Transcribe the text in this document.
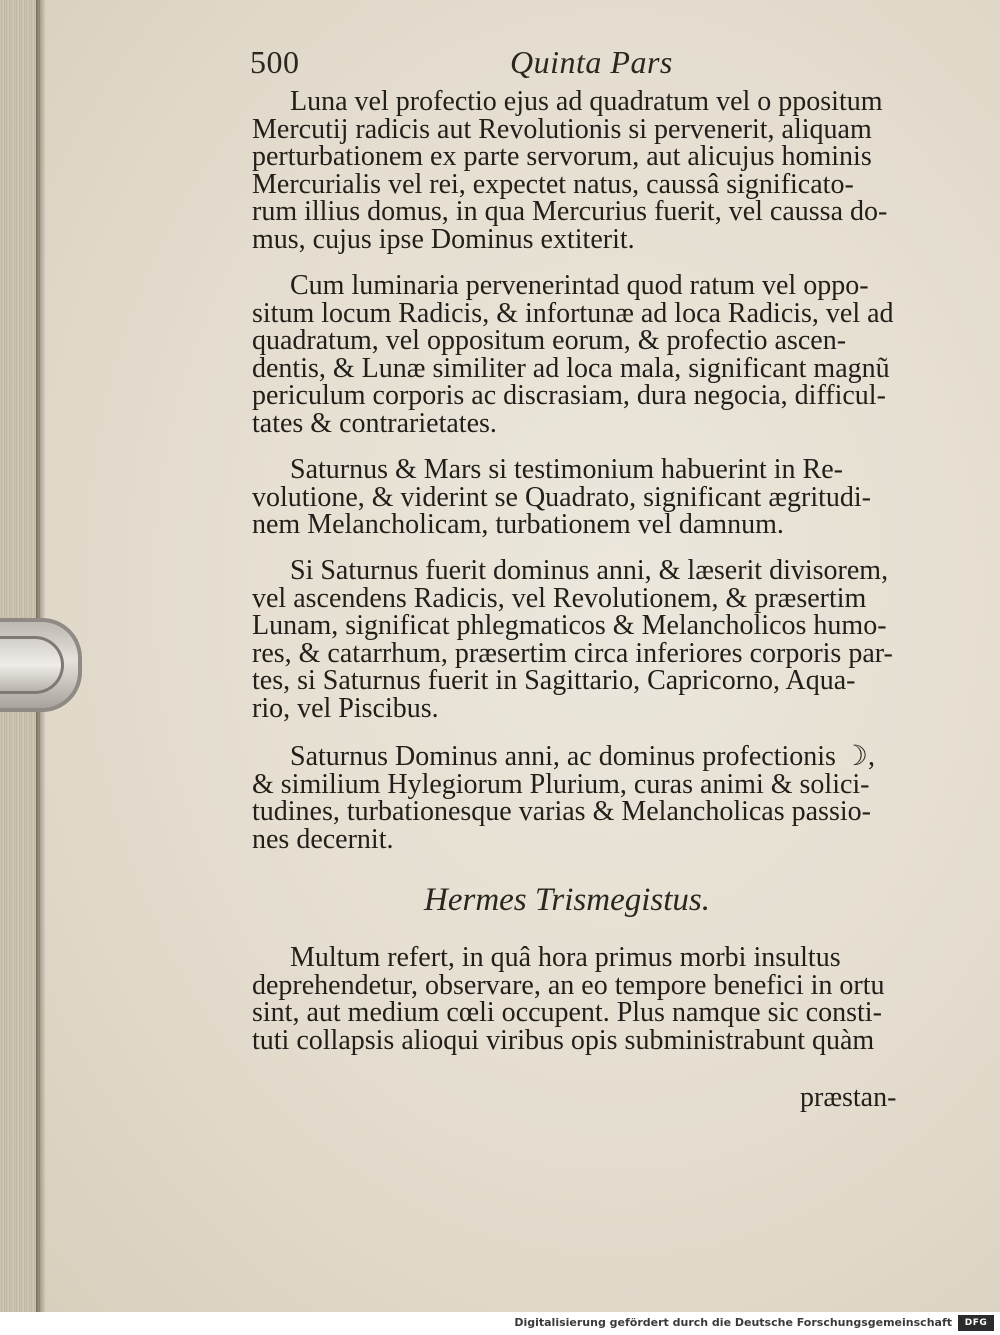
500	Quinta Pars
Luna vel profectio ejus ad quadratum vel o ppositum
Mercutij radicis aut Revolutionis si pervenerit, aliquam
perturbationem ex parte servorum, aut alicujus hominis
Mercurialis vel rei, expectet natus, caussâ significato-
rum illius domus, in qua Mercurius fuerit, vel caussa do-
mus, cujus ipse Dominus extiterit.
Cum luminaria pervenerintad quod ratum vel oppo-
situm locum Radicis, & infortunæ ad loca Radicis, vel ad
quadratum, vel oppositum eorum, & profectio ascen-
dentis, & Lunæ similiter ad loca mala, significant magnũ
periculum corporis ac discrasiam, dura negocia, difficul-
tates & contrarietates.
Saturnus & Mars si testimonium habuerint in Re-
volutione, & viderint se Quadrato, significant ægritudi-
nem Melancholicam, turbationem vel damnum.
Si Saturnus fuerit dominus anni, & læserit divisorem,
vel ascendens Radicis, vel Revolutionem, & præsertim
Lunam, significat phlegmaticos & Melancholicos humo-
res, & catarrhum, præsertim circa inferiores corporis par-
tes, si Saturnus fuerit in Sagittario, Capricorno, Aqua-
rio, vel Piscibus.
Saturnus Dominus anni, ac dominus profectionis ☽,
& similium Hylegiorum Plurium, curas animi & solici-
tudines, turbationesque varias & Melancholicas passio-
nes decernit.
Hermes Trismegistus.
Multum refert, in quâ hora primus morbi insultus
deprehendetur, observare, an eo tempore benefici in ortu
sint, aut medium cœli occupent. Plus namque sic consti-
tuti collapsis alioqui viribus opis subministrabunt quàm
præstan-
Digitalisierung gefördert durch die Deutsche Forschungsgemeinschaft	DFG
